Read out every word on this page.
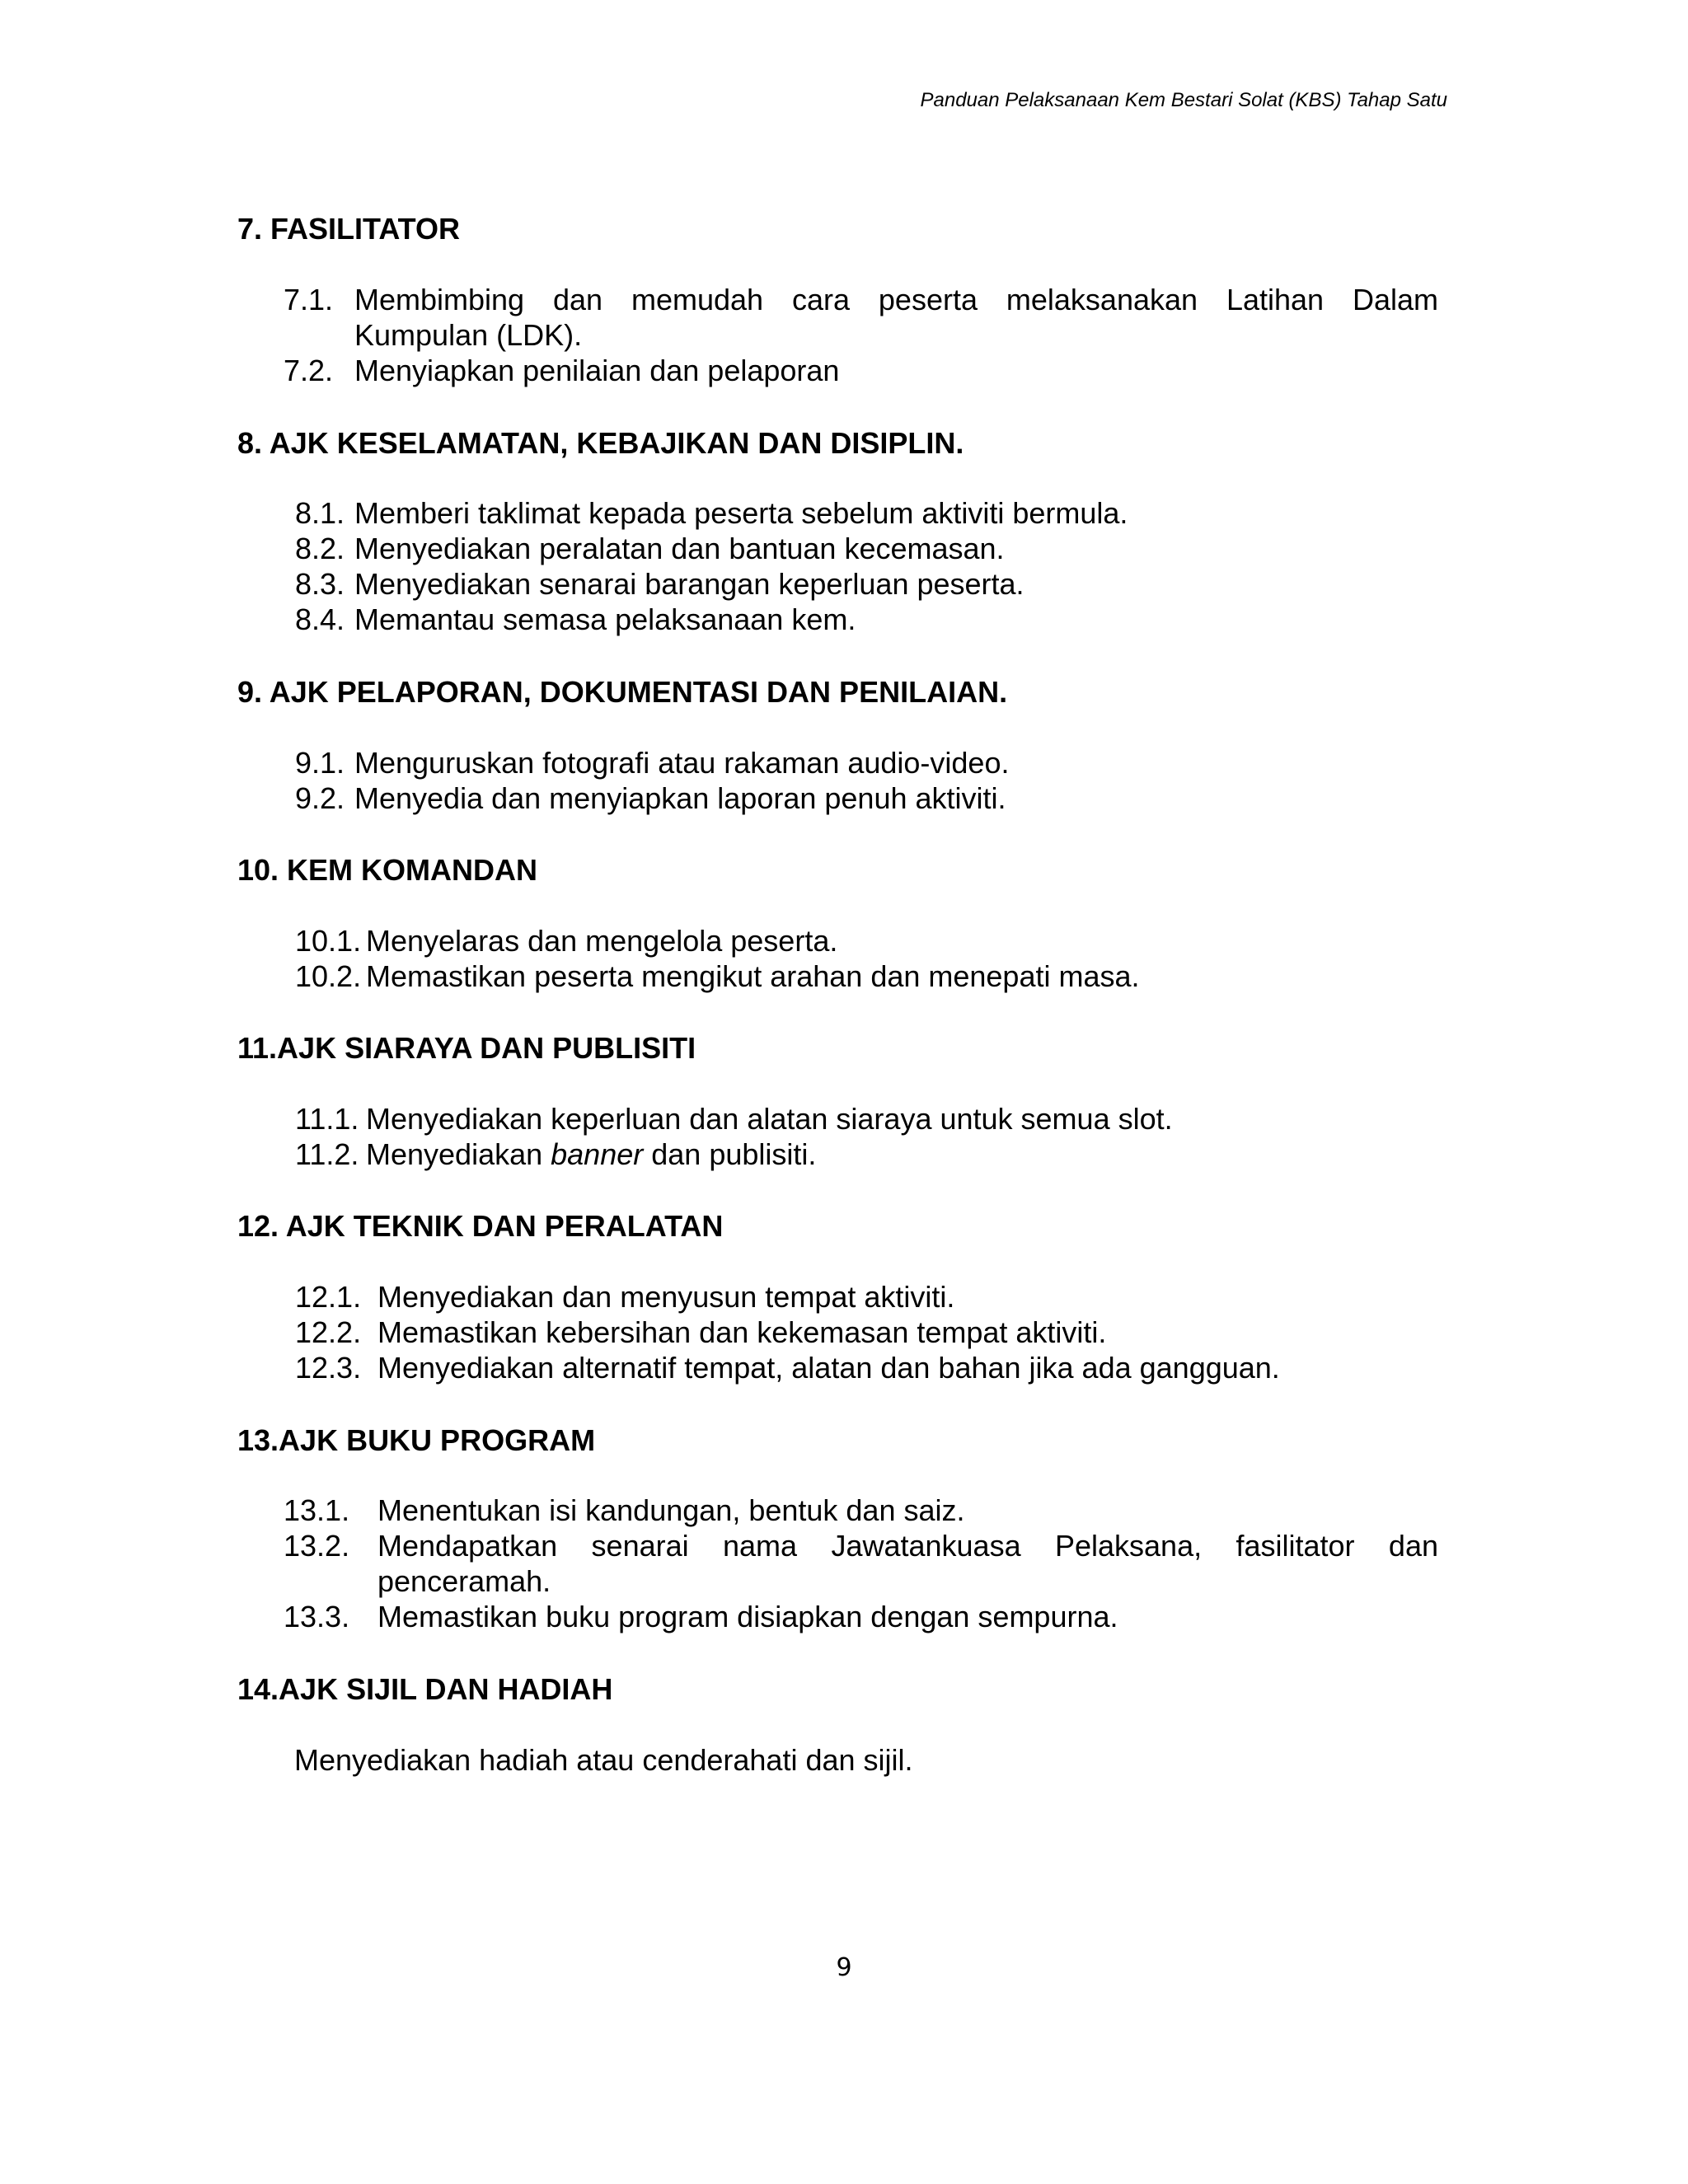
Panduan Pelaksanaan Kem Bestari Solat (KBS) Tahap Satu
7. FASILITATOR
7.1. Membimbing dan memudah cara peserta melaksanakan Latihan Dalam
Kumpulan (LDK).
7.2. Menyiapkan penilaian dan pelaporan
8. AJK KESELAMATAN, KEBAJIKAN DAN DISIPLIN.
8.1. Memberi taklimat kepada peserta sebelum aktiviti bermula.
8.2. Menyediakan peralatan dan bantuan kecemasan.
8.3. Menyediakan senarai barangan keperluan peserta.
8.4. Memantau semasa pelaksanaan kem.
9. AJK PELAPORAN, DOKUMENTASI DAN PENILAIAN.
9.1. Menguruskan fotografi atau rakaman audio-video.
9.2. Menyedia dan menyiapkan laporan penuh aktiviti.
10. KEM KOMANDAN
10.1. Menyelaras dan mengelola peserta.
10.2. Memastikan peserta mengikut arahan dan menepati masa.
11.AJK SIARAYA DAN PUBLISITI
11.1. Menyediakan keperluan dan alatan siaraya untuk semua slot.
11.2. Menyediakan banner dan publisiti.
12. AJK TEKNIK DAN PERALATAN
12.1. Menyediakan dan menyusun tempat aktiviti.
12.2. Memastikan kebersihan dan kekemasan tempat aktiviti.
12.3. Menyediakan alternatif tempat, alatan dan bahan jika ada gangguan.
13.AJK BUKU PROGRAM
13.1. Menentukan isi kandungan, bentuk dan saiz.
13.2. Mendapatkan senarai nama Jawatankuasa Pelaksana, fasilitator dan
penceramah.
13.3. Memastikan buku program disiapkan dengan sempurna.
14.AJK SIJIL DAN HADIAH
Menyediakan hadiah atau cenderahati dan sijil.
9
